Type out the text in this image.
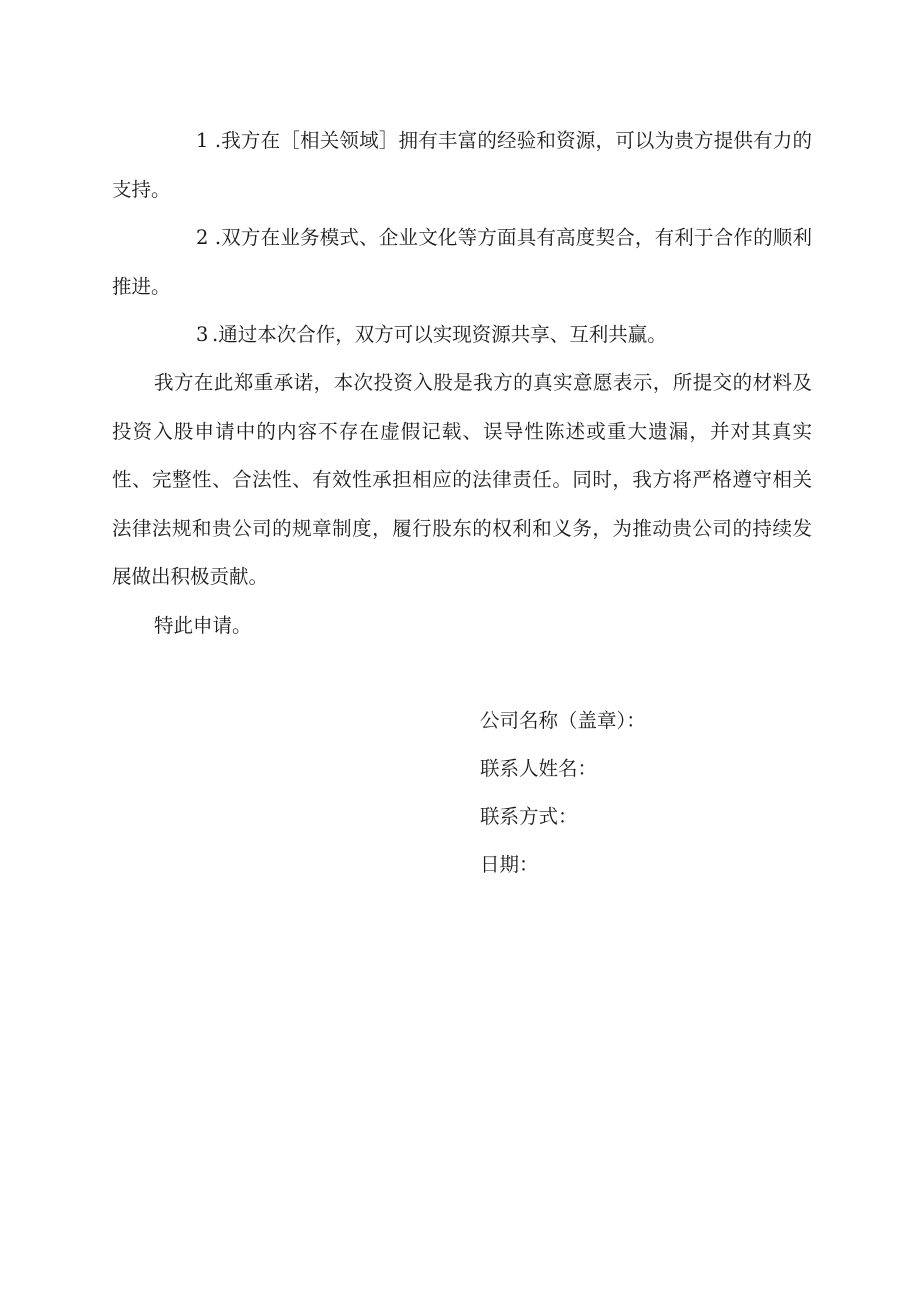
1 .我方在［相关领域］拥有丰富的经验和资源，可以为贵方提供有力的支持。

2 .双方在业务模式、企业文化等方面具有高度契合，有利于合作的顺利推进。

3 .通过本次合作，双方可以实现资源共享、互利共赢。

我方在此郑重承诺，本次投资入股是我方的真实意愿表示，所提交的材料及投资入股申请中的内容不存在虚假记载、误导性陈述或重大遗漏，并对其真实性、完整性、合法性、有效性承担相应的法律责任。同时，我方将严格遵守相关法律法规和贵公司的规章制度，履行股东的权利和义务，为推动贵公司的持续发展做出积极贡献。

特此申请。

公司名称（盖章）：

联系人姓名：

联系方式：

日期：
